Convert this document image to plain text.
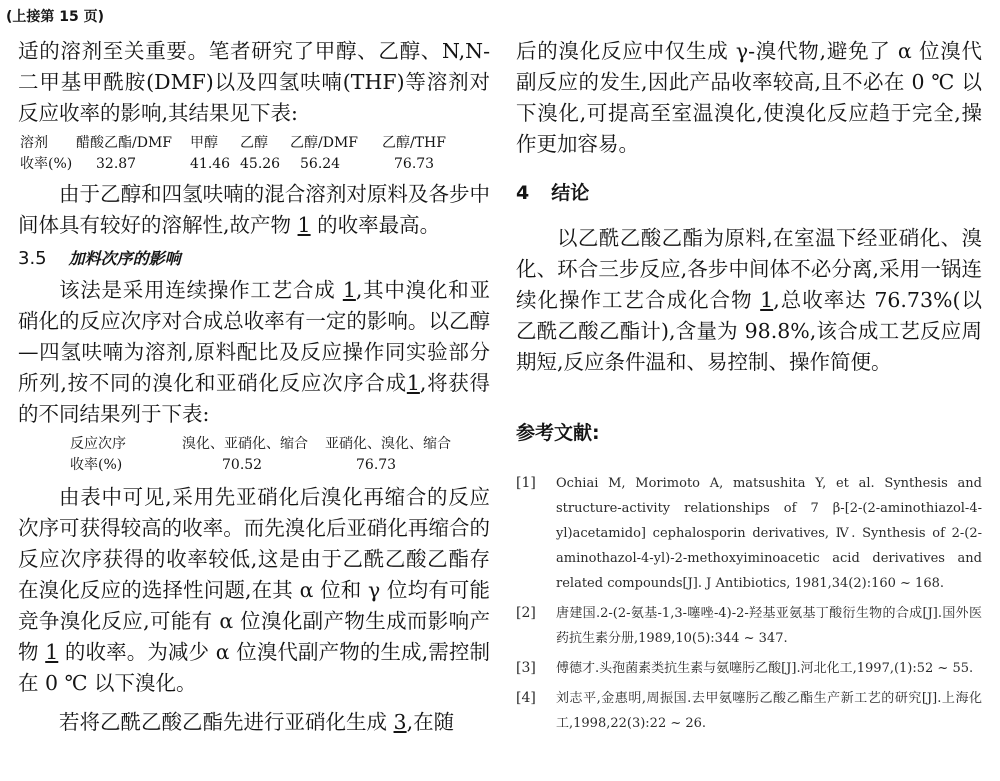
(上接第 15 页)

适的溶剂至关重要。笔者研究了甲醇、乙醇、N,N-二甲基甲酰胺(DMF)以及四氢呋喃(THF)等溶剂对反应收率的影响,其结果见下表:

溶剂 醋酸乙酯/DMF 甲醇 乙醇 乙醇/DMF 乙醇/THF
收率(%) 32.87	41.46 45.26 56.24	76.73

由于乙醇和四氢呋喃的混合溶剂对原料及各步中间体具有较好的溶解性,故产物 1 的收率最高。

3.5 加料次序的影响

该法是采用连续操作工艺合成 1,其中溴化和亚硝化的反应次序对合成总收率有一定的影响。以乙醇—四氢呋喃为溶剂,原料配比及反应操作同实验部分所列,按不同的溴化和亚硝化反应次序合成1,将获得的不同结果列于下表:

反应次序	溴化、亚硝化、缩合 亚硝化、溴化、缩合
收率(%)	70.52	76.73

由表中可见,采用先亚硝化后溴化再缩合的反应次序可获得较高的收率。而先溴化后亚硝化再缩合的反应次序获得的收率较低,这是由于乙酰乙酸乙酯存在溴化反应的选择性问题,在其 α 位和 γ 位均有可能竞争溴化反应,可能有 α 位溴化副产物生成而影响产物 1 的收率。为减少 α 位溴代副产物的生成,需控制在 0 ℃ 以下溴化。

若将乙酰乙酸乙酯先进行亚硝化生成 3,在随

后的溴化反应中仅生成 γ-溴代物,避免了 α 位溴代副反应的发生,因此产品收率较高,且不必在 0 ℃ 以下溴化,可提高至室温溴化,使溴化反应趋于完全,操作更加容易。

4 结论

以乙酰乙酸乙酯为原料,在室温下经亚硝化、溴化、环合三步反应,各步中间体不必分离,采用一锅连续化操作工艺合成化合物 1,总收率达 76.73%(以乙酰乙酸乙酯计),含量为 98.8%,该合成工艺反应周期短,反应条件温和、易控制、操作简便。

参考文献:
[1] Ochiai M, Morimoto A, matsushita Y, et al. Synthesis and structure-activity relationships of 7 β-[2-(2-aminothiazol-4-yl)acetamido] cephalosporin derivatives, Ⅳ. Synthesis of 2-(2-aminothazol-4-yl)-2-methoxyiminoacetic acid derivatives and related compounds[J]. J Antibiotics, 1981,34(2):160 ~ 168.
[2] 唐建国.2-(2-氨基-1,3-噻唑-4)-2-羟基亚氨基丁酸衍生物的合成[J].国外医药抗生素分册,1989,10(5):344 ~ 347.
[3] 傅德才.头孢菌素类抗生素与氨噻肟乙酸[J].河北化工,1997,(1):52 ~ 55.
[4] 刘志平,金惠明,周振国.去甲氨噻肟乙酸乙酯生产新工艺的研究[J].上海化工,1998,22(3):22 ~ 26.
